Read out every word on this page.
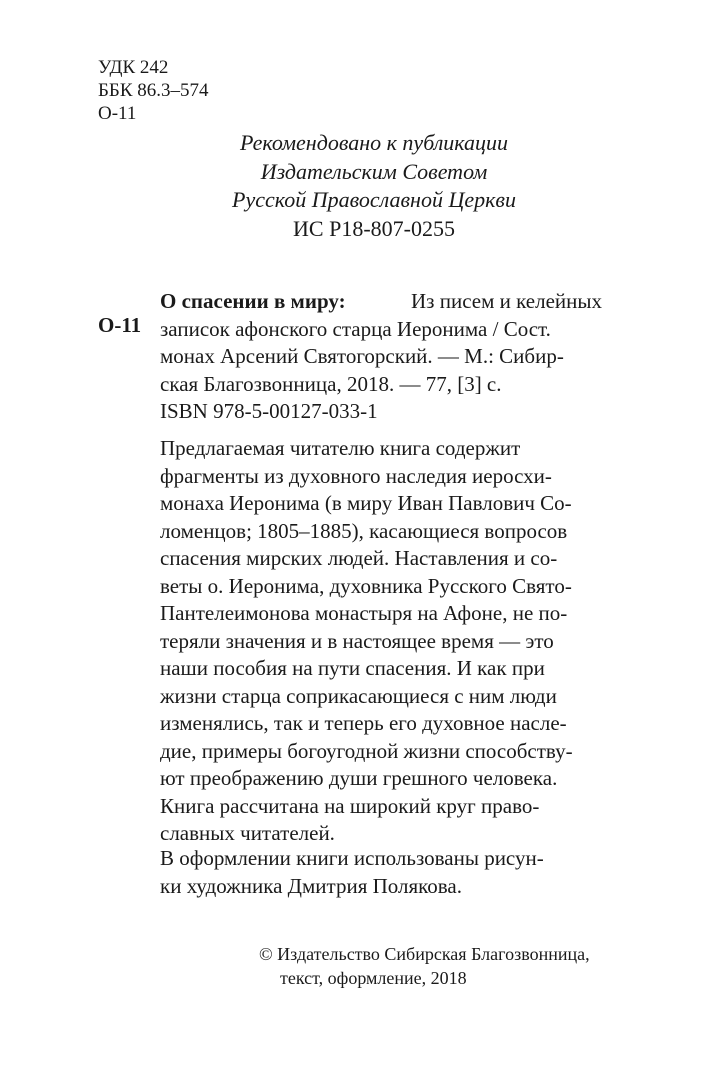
УДК 242
ББК 86.3–574
О-11
Рекомендовано к публикации
Издательским Советом
Русской Православной Церкви
ИС Р18-807-0255
О-11
О спасении в миру:	Из писем и келейных
записок афонского старца Иеронима / Сост.
монах Арсений Святогорский. — М.: Сибир-
ская Благозвонница, 2018. — 77, [3] с.
ISBN 978-5-00127-033-1
Предлагаемая читателю книга содержит
фрагменты из духовного наследия иеросхи-
монаха Иеронима (в миру Иван Павлович Со-
ломенцов; 1805–1885), касающиеся вопросов
спасения мирских людей. Наставления и со-
веты о. Иеронима, духовника Русского Свято-
Пантелеимонова монастыря на Афоне, не по-
теряли значения и в настоящее время — это
наши пособия на пути спасения. И как при
жизни старца соприкасающиеся с ним люди
изменялись, так и теперь его духовное насле-
дие, примеры богоугодной жизни способству-
ют преображению души грешного человека.
Книга рассчитана на широкий круг право-
славных читателей.
В оформлении книги использованы рисун-
ки художника Дмитрия Полякова.
© Издательство Сибирская Благозвонница,
текст, оформление, 2018
